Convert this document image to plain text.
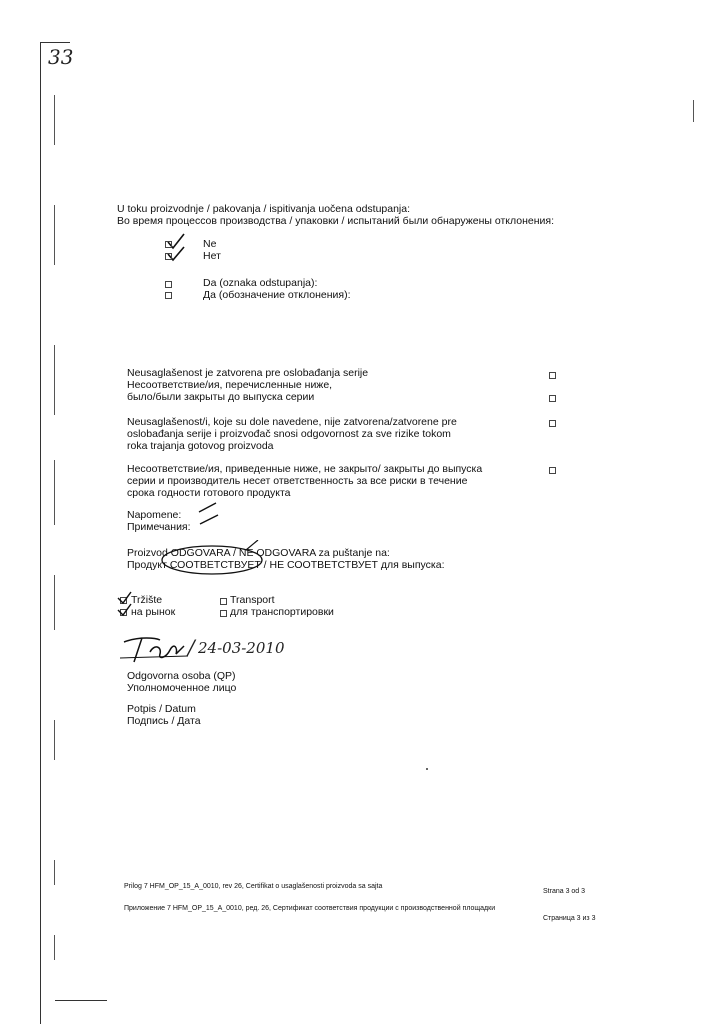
33
U toku proizvodnje / pakovanja / ispitivanja uočena odstupanja:
Во время процессов производства / упаковки / испытаний были обнаружены отклонения:
Ne
Нет
Da (oznaka odstupanja):
Да (обозначение отклонения):
Neusaglašenost je zatvorena pre oslobađanja serije
Несоответствие/ия, перечисленные ниже,
было/были закрыты до выпуска серии
Neusaglašenost/i, koje su dole navedene, nije zatvorena/zatvorene pre
oslobađanja serije i proizvođač snosi odgovornost za sve rizike tokom
roka trajanja gotovog proizvoda
Несоответствие/ия, приведенные ниже, не закрыто/ закрыты до выпуска
серии и производитель несет ответственность за все риски в течение
срока годности готового продукта
Napomene:
Примечания:
Proizvod ODGOVARA / NE ODGOVARA za puštanje na:
Продукт СООТВЕТСТВУЕТ / НЕ СООТВЕТСТВУЕТ для выпуска:
Tržište
на рынок
Transport
для транспортировки
/ 24-03-2010
Odgovorna osoba (QP)
Уполномоченное лицо
Potpis / Datum
Подпись / Дата
Prilog 7 HFM_OP_15_A_0010, rev 26, Certifikat o usaglašenosti proizvoda sa sajta
Strana 3 od 3
Приложение 7 HFM_OP_15_A_0010, ред. 26, Сертификат соответствия продукции с производственной площадки
Страница 3 из 3
